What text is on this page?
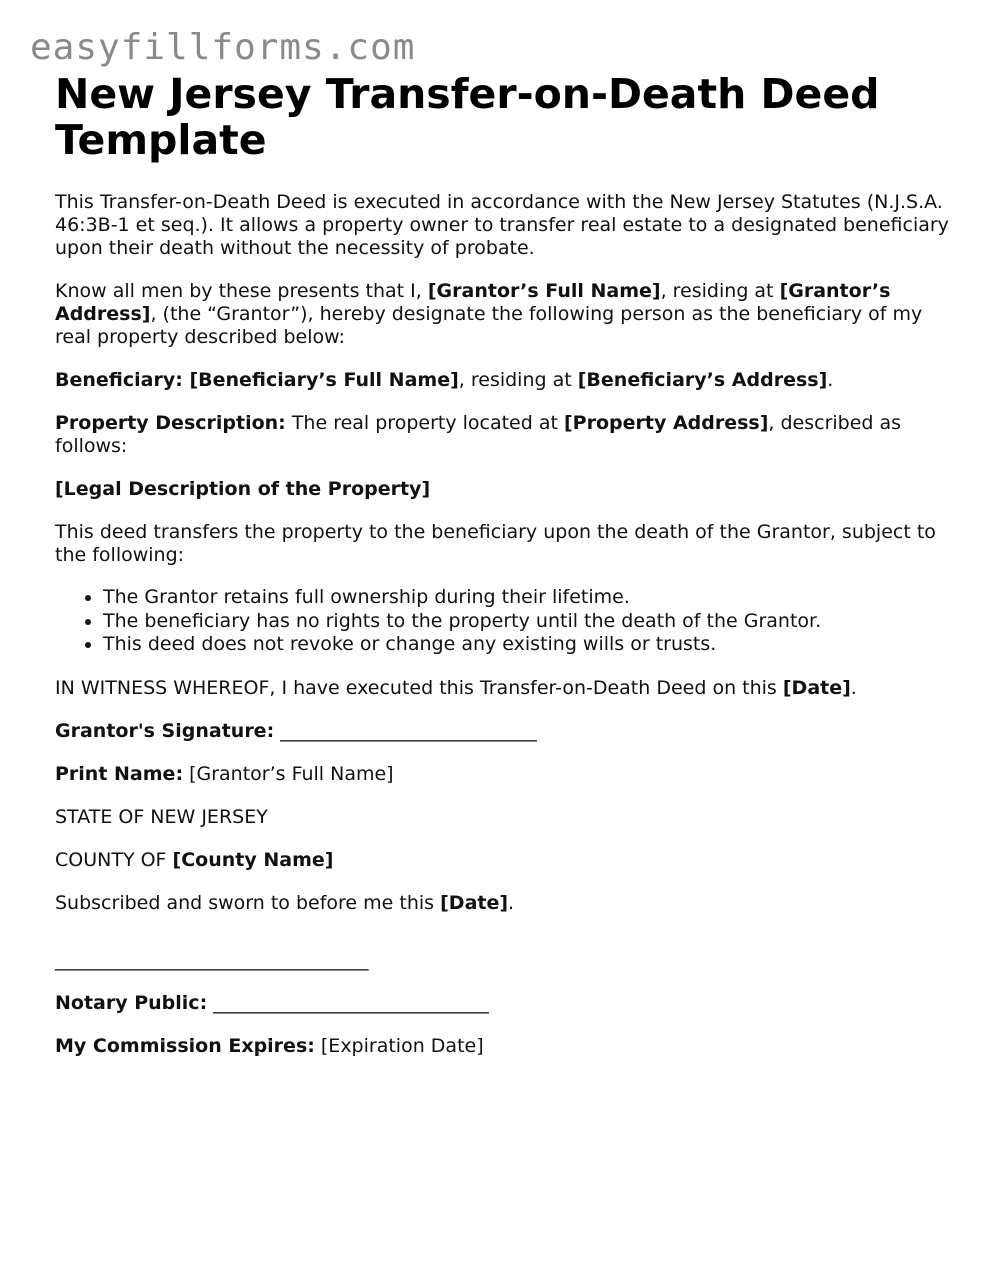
easyfillforms.com
New Jersey Transfer-on-Death Deed Template

This Transfer-on-Death Deed is executed in accordance with the New Jersey Statutes (N.J.S.A. 46:3B-1 et seq.). It allows a property owner to transfer real estate to a designated beneficiary upon their death without the necessity of probate.

Know all men by these presents that I, [Grantor’s Full Name], residing at [Grantor’s Address], (the “Grantor”), hereby designate the following person as the beneficiary of my real property described below:

Beneficiary: [Beneficiary’s Full Name], residing at [Beneficiary’s Address].

Property Description: The real property located at [Property Address], described as follows:

[Legal Description of the Property]

This deed transfers the property to the beneficiary upon the death of the Grantor, subject to the following:

• The Grantor retains full ownership during their lifetime.
• The beneficiary has no rights to the property until the death of the Grantor.
• This deed does not revoke or change any existing wills or trusts.

IN WITNESS WHEREOF, I have executed this Transfer-on-Death Deed on this [Date].

Grantor's Signature: ___________________________

Print Name: [Grantor’s Full Name]

STATE OF NEW JERSEY

COUNTY OF [County Name]

Subscribed and sworn to before me this [Date].

_________________________________

Notary Public: _____________________________

My Commission Expires: [Expiration Date]
